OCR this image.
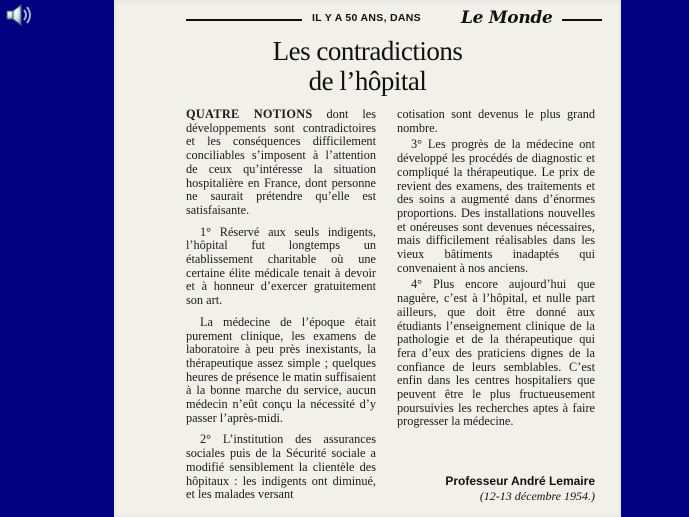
IL Y A 50 ANS, DANS Le Monde
Les contradictions
de l’hôpital

QUATRE NOTIONS dont les développements sont contradictoires et les conséquences difficilement conciliables s’imposent à l’attention de ceux qu’intéresse la situation hospitalière en France, dont personne ne saurait prétendre qu’elle est satisfaisante.

1° Réservé aux seuls indigents, l’hôpital fut longtemps un établissement charitable où une certaine élite médicale tenait à devoir et à honneur d’exercer gratuitement son art.

La médecine de l’époque était purement clinique, les examens de laboratoire à peu près inexistants, la thérapeutique assez simple ; quelques heures de présence le matin suffisaient à la bonne marche du service, aucun médecin n’eût conçu la nécessité d’y passer l’après-midi.

2° L’institution des assurances sociales puis de la Sécurité sociale a modifié sensiblement la clientèle des hôpitaux : les indigents ont diminué, et les malades versant

cotisation sont devenus le plus grand nombre.

3° Les progrès de la médecine ont développé les procédés de diagnostic et compliqué la thérapeutique. Le prix de revient des examens, des traitements et des soins a augmenté dans d’énormes proportions. Des installations nouvelles et onéreuses sont devenues nécessaires, mais difficilement réalisables dans les vieux bâtiments inadaptés qui convenaient à nos anciens.

4° Plus encore aujourd’hui que naguère, c’est à l’hôpital, et nulle part ailleurs, que doit être donné aux étudiants l’enseignement clinique de la pathologie et de la thérapeutique qui fera d’eux des praticiens dignes de la confiance de leurs semblables. C’est enfin dans les centres hospitaliers que peuvent être le plus fructueusement poursuivies les recherches aptes à faire progresser la médecine.

Professeur André Lemaire
(12-13 décembre 1954.)
